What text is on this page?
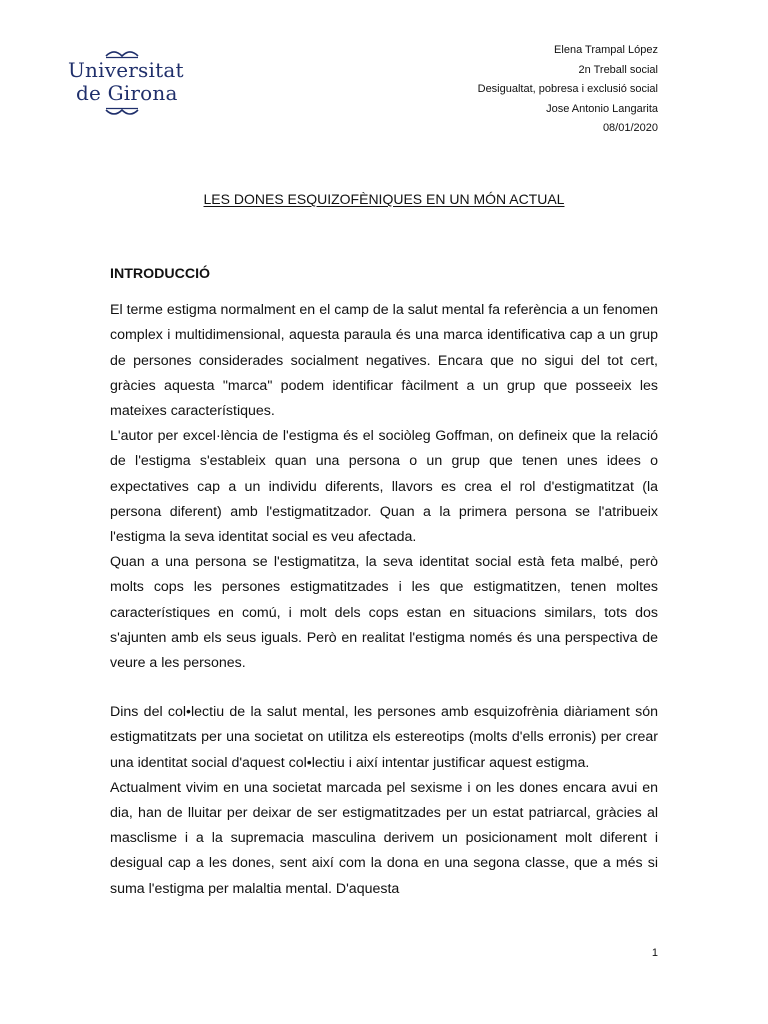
Universitat
de Girona
Elena Trampal López
2n Treball social
Desigualtat, pobresa i exclusió social
Jose Antonio Langarita
08/01/2020
LES DONES ESQUIZOFÈNIQUES EN UN MÓN ACTUAL
INTRODUCCIÓ

El terme estigma normalment en el camp de la salut mental fa referència a un fenomen complex i multidimensional, aquesta paraula és una marca identificativa cap a un grup de persones considerades socialment negatives. Encara que no sigui del tot cert, gràcies aquesta "marca" podem identificar fàcilment a un grup que posseeix les mateixes característiques.

L'autor per excel·lència de l'estigma és el sociòleg Goffman, on defineix que la relació de l'estigma s'estableix quan una persona o un grup que tenen unes idees o expectatives cap a un individu diferents, llavors es crea el rol d'estigmatitzat (la persona diferent) amb l'estigmatitzador. Quan a la primera persona se l'atribueix l'estigma la seva identitat social es veu afectada.

Quan a una persona se l'estigmatitza, la seva identitat social està feta malbé, però molts cops les persones estigmatitzades i les que estigmatitzen, tenen moltes característiques en comú, i molt dels cops estan en situacions similars, tots dos s'ajunten amb els seus iguals. Però en realitat l'estigma només és una perspectiva de veure a les persones.

Dins del col•lectiu de la salut mental, les persones amb esquizofrènia diàriament són estigmatitzats per una societat on utilitza els estereotips (molts d'ells erronis) per crear una identitat social d'aquest col•lectiu i així intentar justificar aquest estigma.

Actualment vivim en una societat marcada pel sexisme i on les dones encara avui en dia, han de lluitar per deixar de ser estigmatitzades per un estat patriarcal, gràcies al masclisme i a la supremacia masculina derivem un posicionament molt diferent i desigual cap a les dones, sent així com la dona en una segona classe, que a més si suma l'estigma per malaltia mental. D'aquesta

1
